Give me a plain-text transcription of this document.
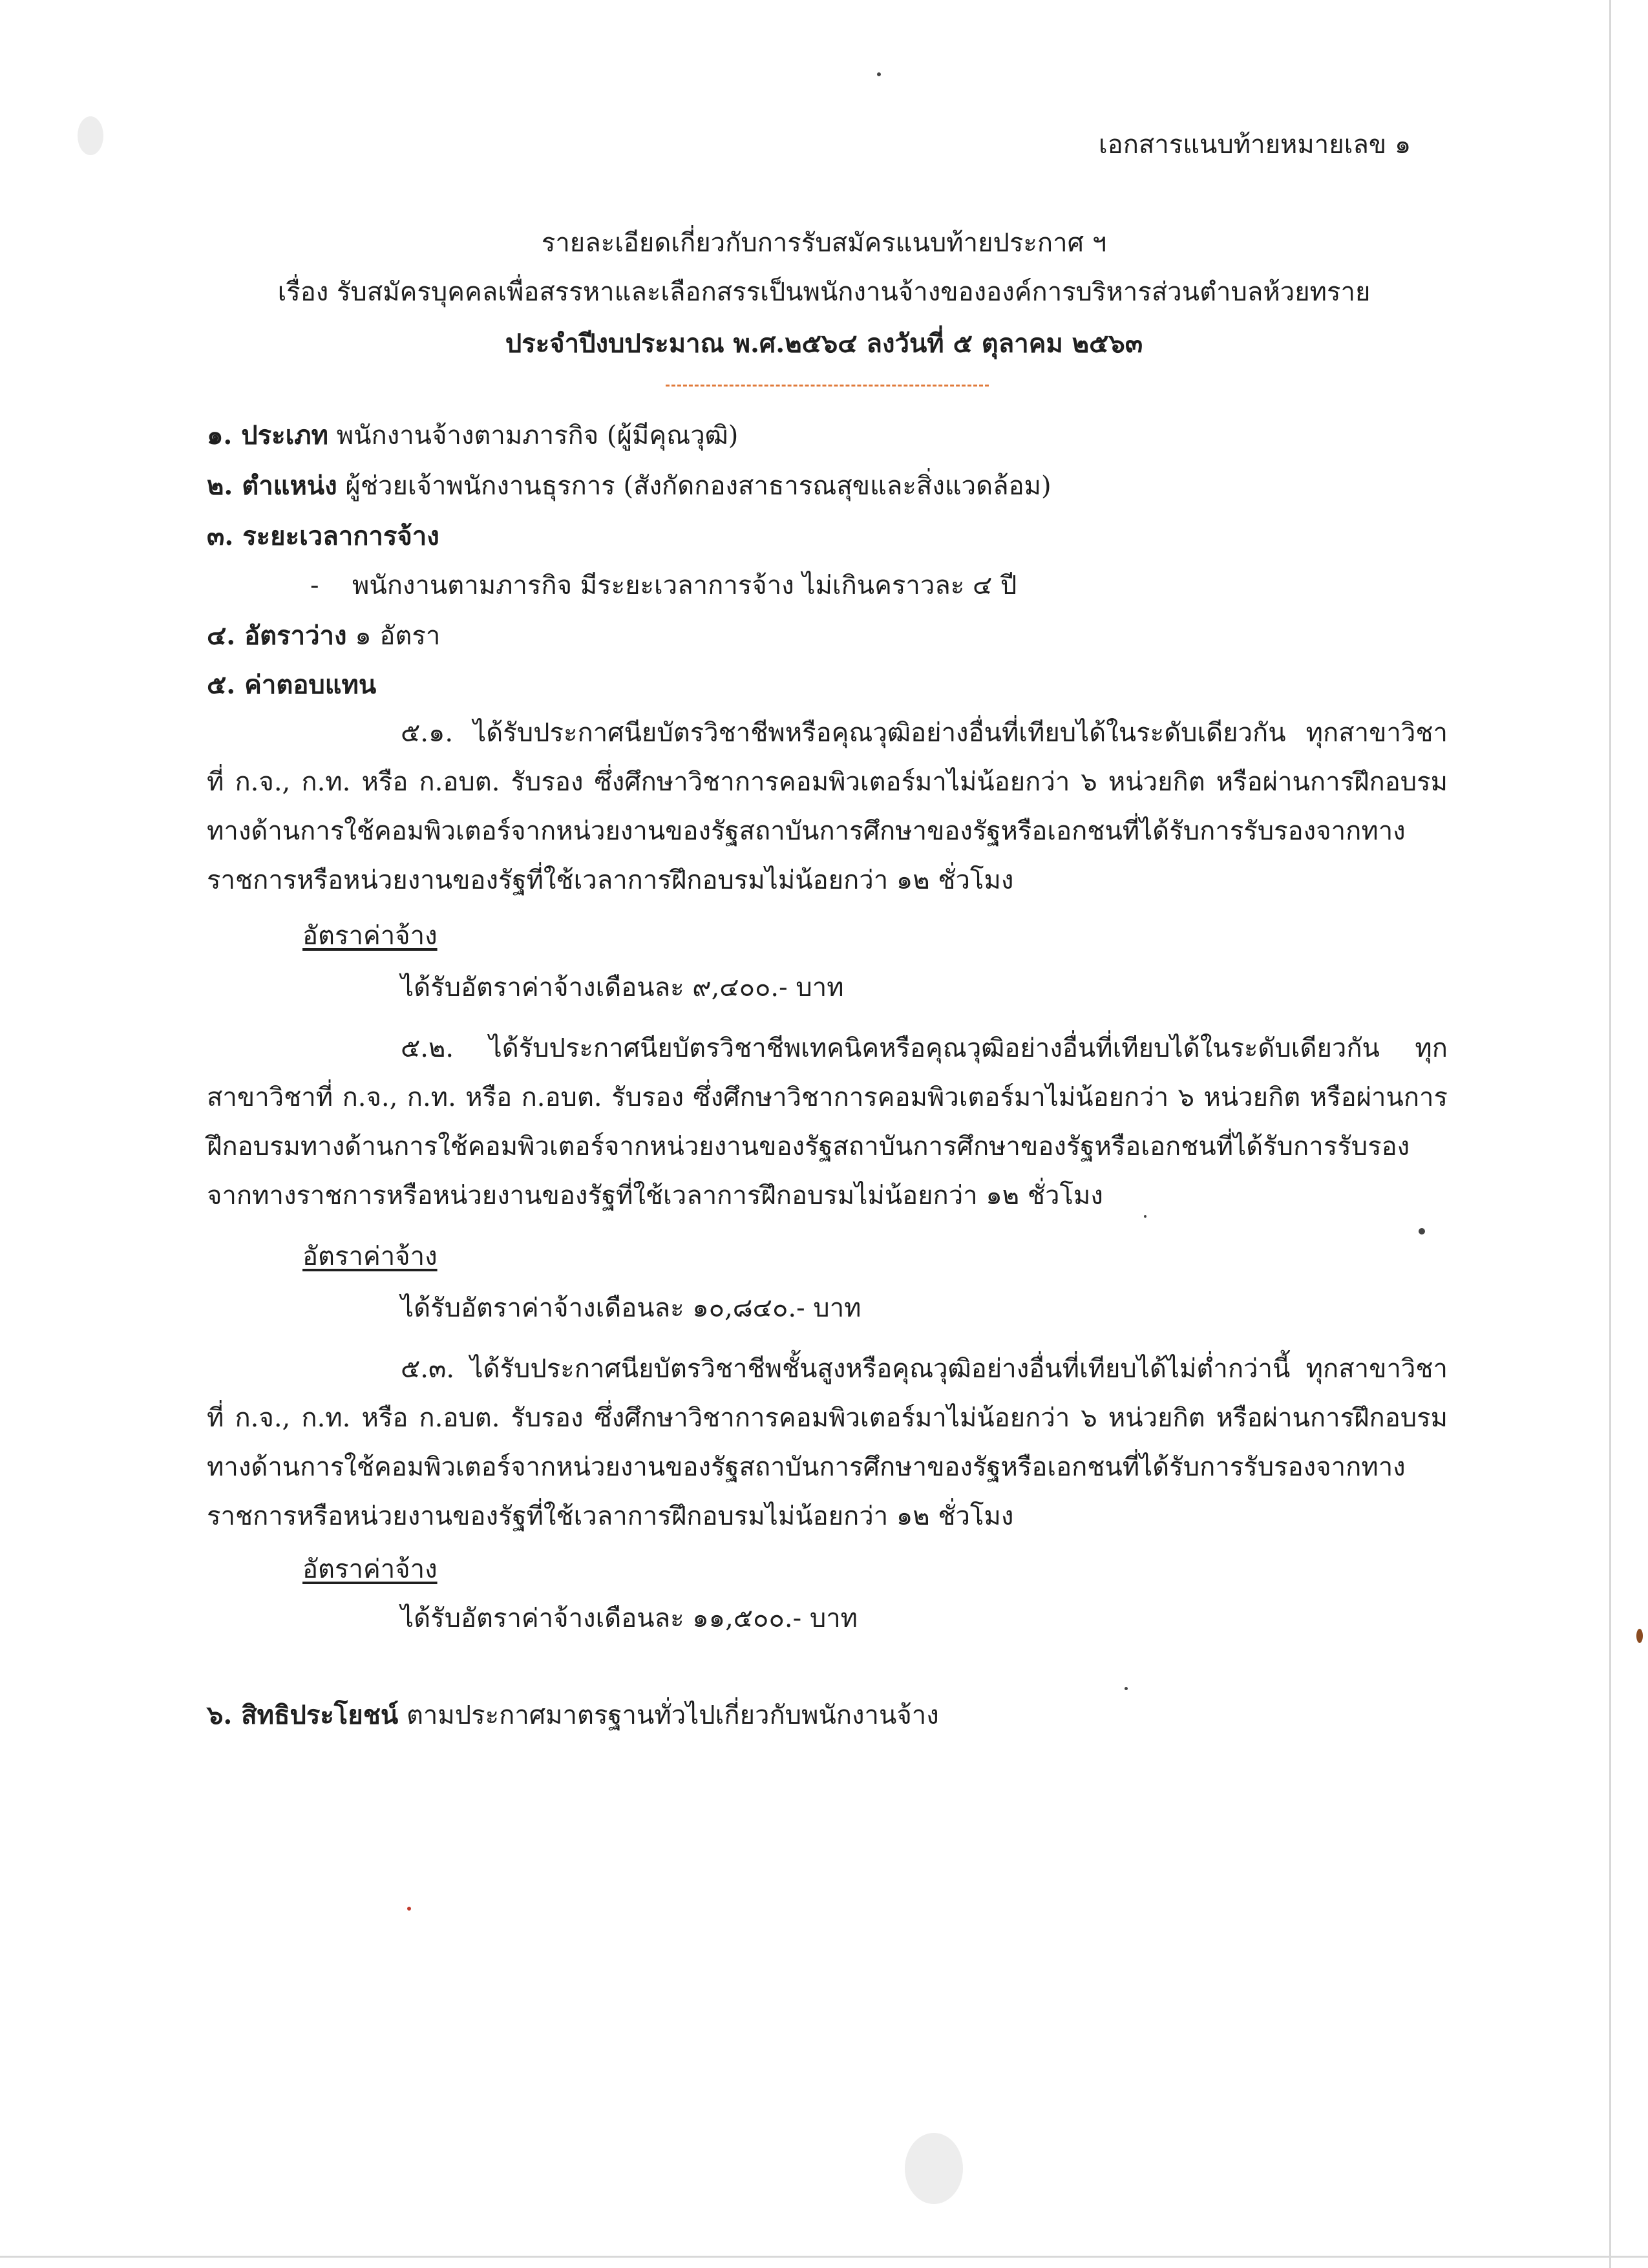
เอกสารแนบท้ายหมายเลข ๑
รายละเอียดเกี่ยวกับการรับสมัครแนบท้ายประกาศ ฯ
เรื่อง รับสมัครบุคคลเพื่อสรรหาและเลือกสรรเป็นพนักงานจ้างขององค์การบริหารส่วนตำบลห้วยทราย
ประจำปีงบประมาณ พ.ศ.๒๕๖๔ ลงวันที่ ๕ ตุลาคม ๒๕๖๓
๑. ประเภท พนักงานจ้างตามภารกิจ (ผู้มีคุณวุฒิ)
๒. ตำแหน่ง ผู้ช่วยเจ้าพนักงานธุรการ (สังกัดกองสาธารณสุขและสิ่งแวดล้อม)
๓. ระยะเวลาการจ้าง
- พนักงานตามภารกิจ มีระยะเวลาการจ้าง ไม่เกินคราวละ ๔ ปี
๔. อัตราว่าง ๑ อัตรา
๕. ค่าตอบแทน
๕.๑. ได้รับประกาศนียบัตรวิชาชีพหรือคุณวุฒิอย่างอื่นที่เทียบได้ในระดับเดียวกัน ทุกสาขาวิชา ที่ ก.จ., ก.ท. หรือ ก.อบต. รับรอง ซึ่งศึกษาวิชาการคอมพิวเตอร์มาไม่น้อยกว่า ๖ หน่วยกิต หรือผ่านการฝึกอบรมทางด้านการใช้คอมพิวเตอร์จากหน่วยงานของรัฐสถาบันการศึกษาของรัฐหรือเอกชนที่ได้รับการรับรองจากทางราชการหรือหน่วยงานของรัฐที่ใช้เวลาการฝึกอบรมไม่น้อยกว่า ๑๒ ชั่วโมง
อัตราค่าจ้าง
ได้รับอัตราค่าจ้างเดือนละ ๙,๔๐๐.- บาท
๕.๒. ได้รับประกาศนียบัตรวิชาชีพเทคนิคหรือคุณวุฒิอย่างอื่นที่เทียบได้ในระดับเดียวกัน ทุกสาขาวิชาที่ ก.จ., ก.ท. หรือ ก.อบต. รับรอง ซึ่งศึกษาวิชาการคอมพิวเตอร์มาไม่น้อยกว่า ๖ หน่วยกิต หรือผ่านการฝึกอบรมทางด้านการใช้คอมพิวเตอร์จากหน่วยงานของรัฐสถาบันการศึกษาของรัฐหรือเอกชนที่ได้รับการรับรองจากทางราชการหรือหน่วยงานของรัฐที่ใช้เวลาการฝึกอบรมไม่น้อยกว่า ๑๒ ชั่วโมง
อัตราค่าจ้าง
ได้รับอัตราค่าจ้างเดือนละ ๑๐,๘๔๐.- บาท
๕.๓. ได้รับประกาศนียบัตรวิชาชีพชั้นสูงหรือคุณวุฒิอย่างอื่นที่เทียบได้ไม่ต่ำกว่านี้ ทุกสาขาวิชา ที่ ก.จ., ก.ท. หรือ ก.อบต. รับรอง ซึ่งศึกษาวิชาการคอมพิวเตอร์มาไม่น้อยกว่า ๖ หน่วยกิต หรือผ่านการฝึกอบรมทางด้านการใช้คอมพิวเตอร์จากหน่วยงานของรัฐสถาบันการศึกษาของรัฐหรือเอกชนที่ได้รับการรับรองจากทางราชการหรือหน่วยงานของรัฐที่ใช้เวลาการฝึกอบรมไม่น้อยกว่า ๑๒ ชั่วโมง
อัตราค่าจ้าง
ได้รับอัตราค่าจ้างเดือนละ ๑๑,๕๐๐.- บาท
๖. สิทธิประโยชน์ ตามประกาศมาตรฐานทั่วไปเกี่ยวกับพนักงานจ้าง
